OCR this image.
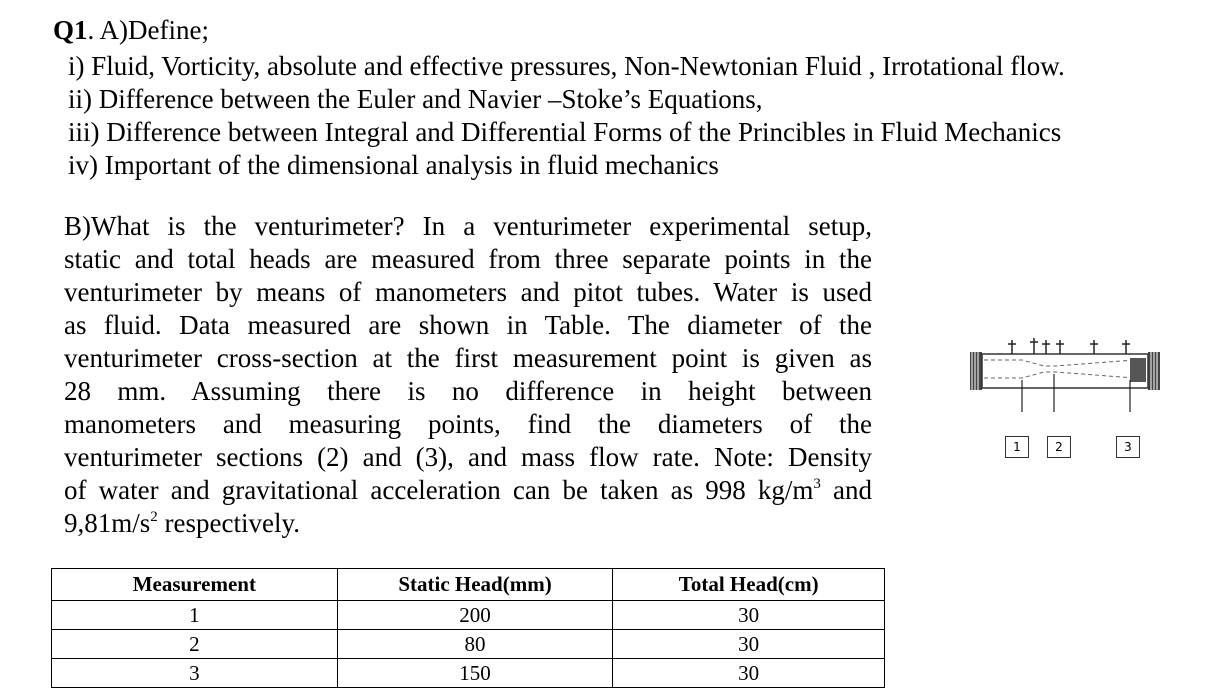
Q1. A)Define;
i) Fluid, Vorticity, absolute and effective pressures, Non-Newtonian Fluid , Irrotational flow.
ii) Difference between the Euler and Navier –Stoke’s Equations,
iii) Difference between Integral and Differential Forms of the Princibles in Fluid Mechanics
iv) Important of the dimensional analysis in fluid mechanics
B)What is the venturimeter? In a venturimeter experimental setup,
static and total heads are measured from three separate points in the
venturimeter by means of manometers and pitot tubes. Water is used
as fluid. Data measured are shown in Table. The diameter of the
venturimeter cross-section at the first measurement point is given as
28 mm. Assuming there is no difference in height between
manometers and measuring points, find the diameters of the
venturimeter sections (2) and (3), and mass flow rate. Note: Density
of water and gravitational acceleration can be taken as 998 $kg/m^3$ and
$9,81m/s^2$ respectively.
1	2	3
Measurement	Static Head(mm)	Total Head(cm)
1	200	30
2	80	30
3	150	30
